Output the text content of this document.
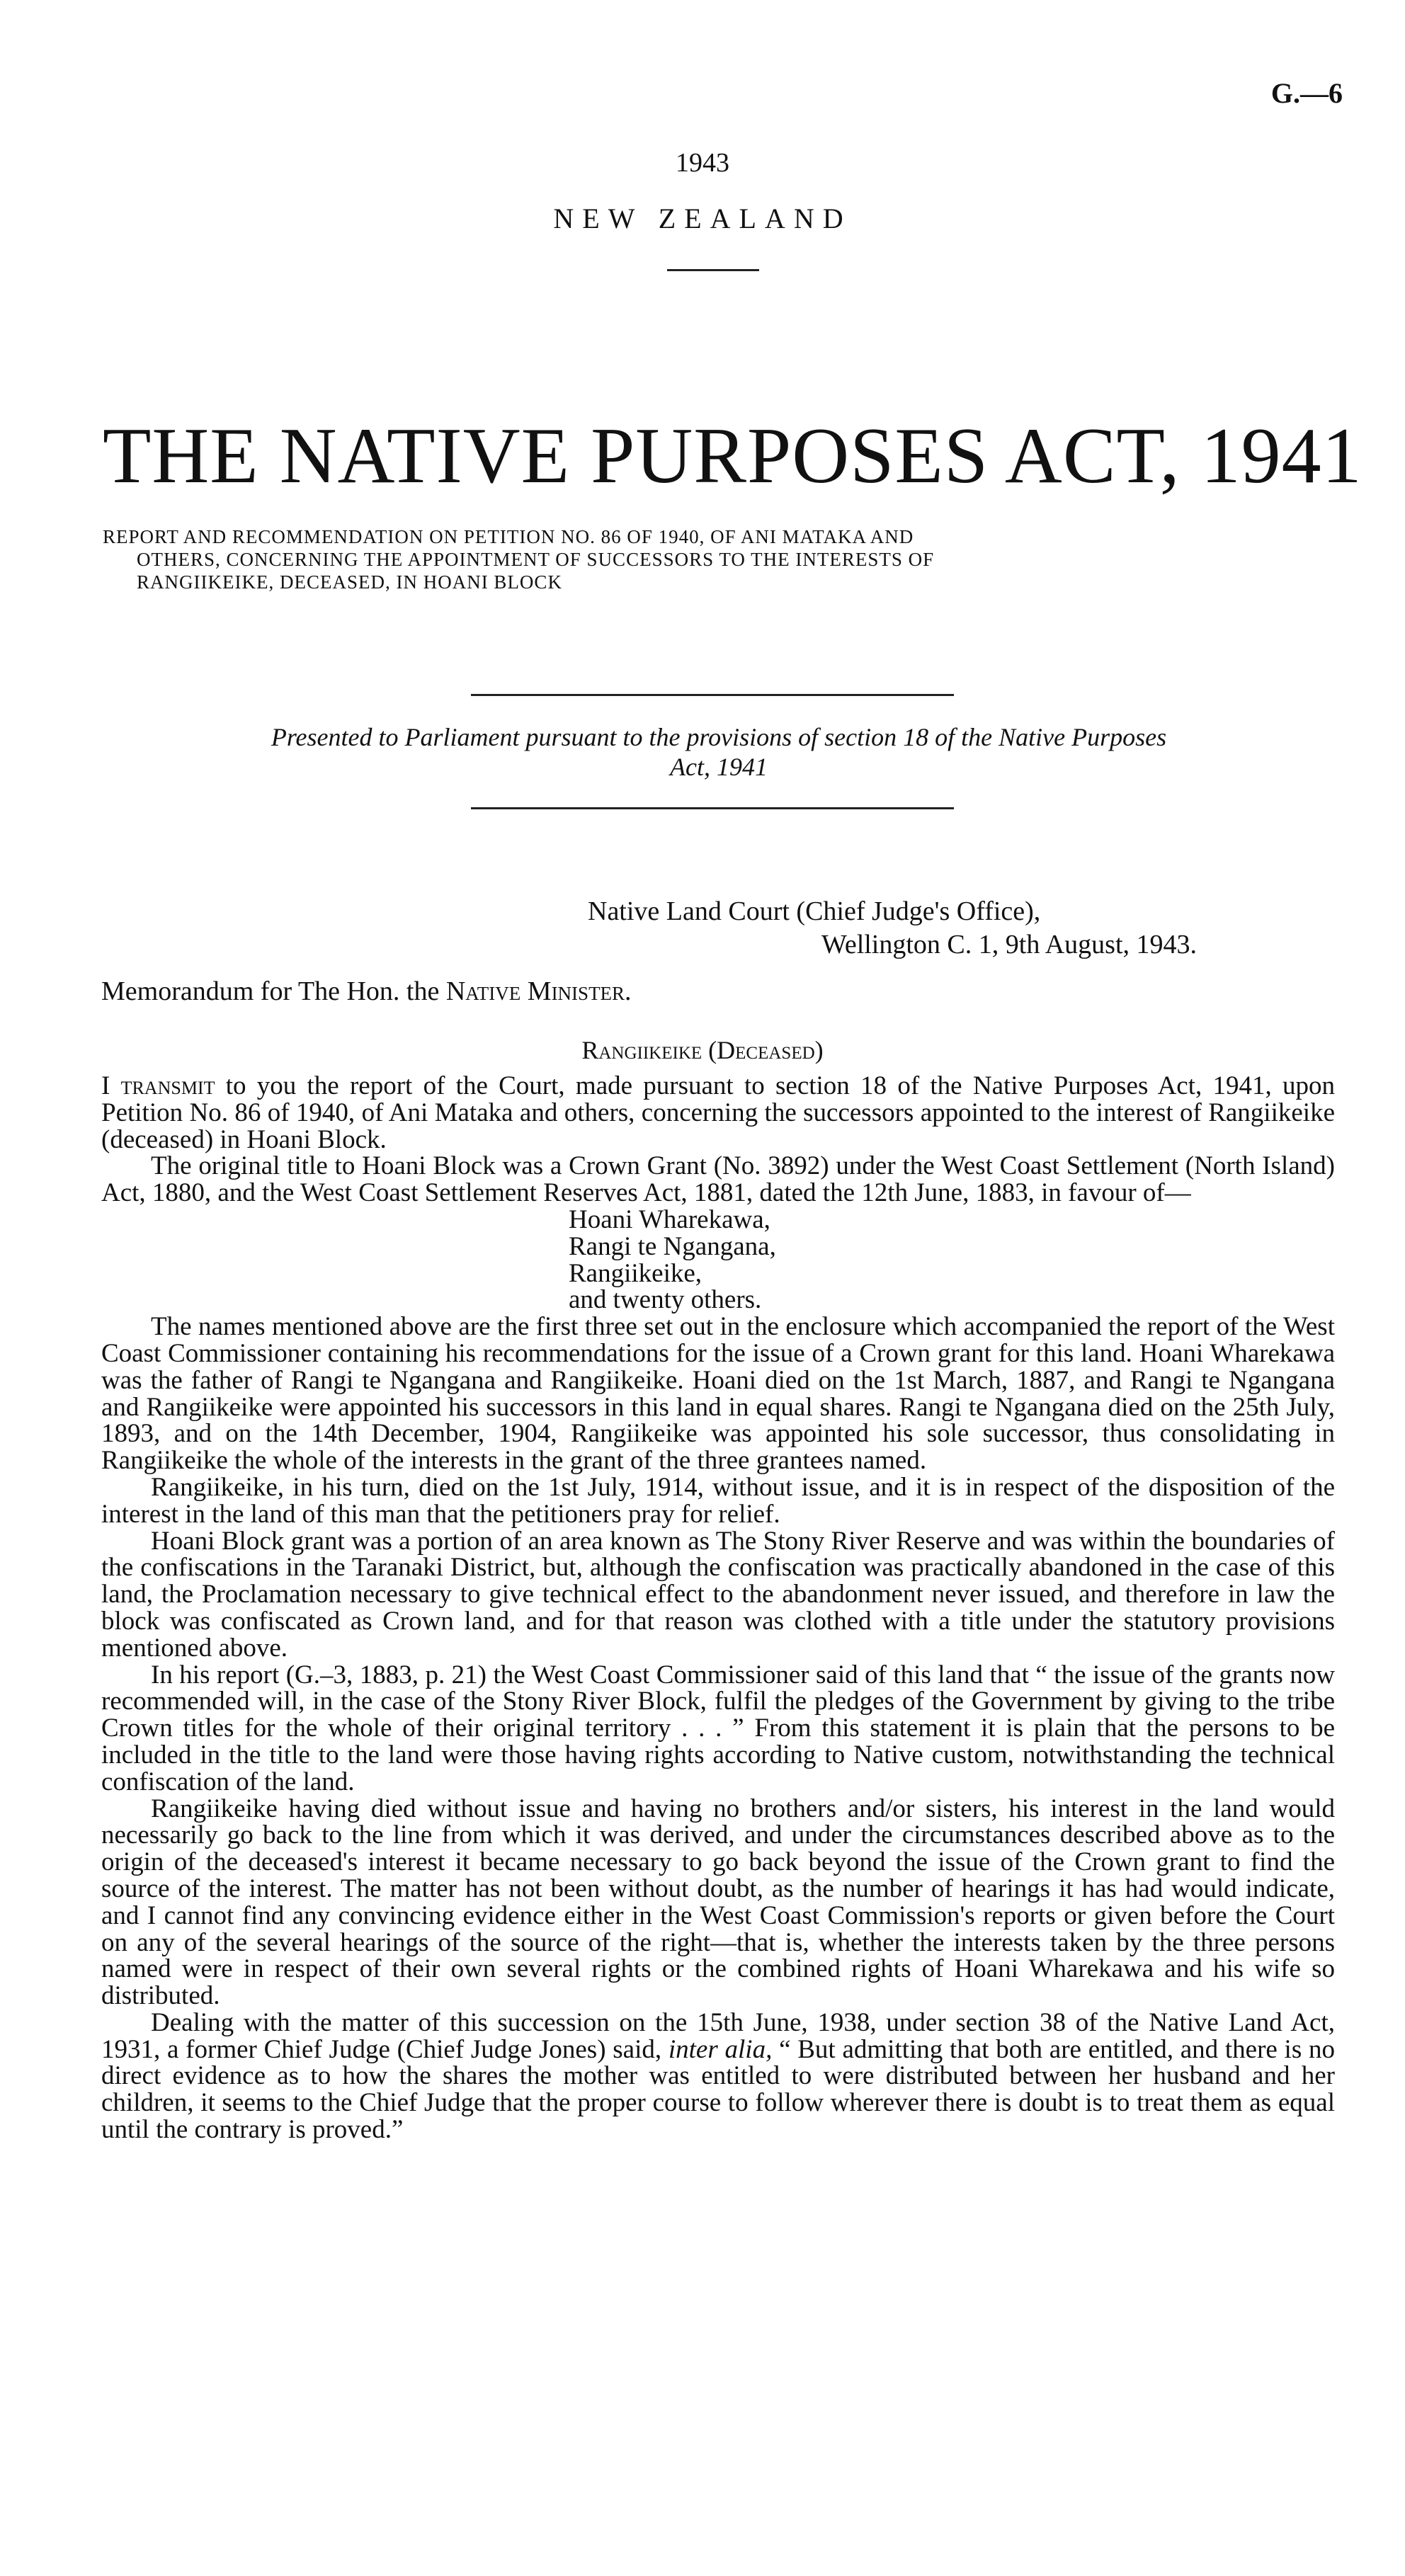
G.—6
1943
NEW ZEALAND
THE NATIVE PURPOSES ACT, 1941
REPORT AND RECOMMENDATION ON PETITION NO. 86 OF 1940, OF ANI MATAKA AND
OTHERS, CONCERNING THE APPOINTMENT OF SUCCESSORS TO THE INTERESTS OF
RANGIIKEIKE, DECEASED, IN HOANI BLOCK
Presented to Parliament pursuant to the provisions of section 18 of the Native Purposes
Act, 1941
Native Land Court (Chief Judge's Office),
Wellington C. 1, 9th August, 1943.
Memorandum for The Hon. the Native Minister.
Rangiikeike (Deceased)

I transmit to you the report of the Court, made pursuant to section 18 of the Native Purposes Act, 1941, upon Petition No. 86 of 1940, of Ani Mataka and others, concerning the successors appointed to the interest of Rangiikeike (deceased) in Hoani Block.

The original title to Hoani Block was a Crown Grant (No. 3892) under the West Coast Settlement (North Island) Act, 1880, and the West Coast Settlement Reserves Act, 1881, dated the 12th June, 1883, in favour of—

Hoani Wharekawa,
Rangi te Ngangana,
Rangiikeike,
and twenty others.

The names mentioned above are the first three set out in the enclosure which accompanied the report of the West Coast Commissioner containing his recommendations for the issue of a Crown grant for this land. Hoani Wharekawa was the father of Rangi te Ngangana and Rangiikeike. Hoani died on the 1st March, 1887, and Rangi te Ngangana and Rangiikeike were appointed his successors in this land in equal shares. Rangi te Ngangana died on the 25th July, 1893, and on the 14th December, 1904, Rangiikeike was appointed his sole successor, thus consolidating in Rangiikeike the whole of the interests in the grant of the three grantees named.

Rangiikeike, in his turn, died on the 1st July, 1914, without issue, and it is in respect of the disposition of the interest in the land of this man that the petitioners pray for relief.

Hoani Block grant was a portion of an area known as The Stony River Reserve and was within the boundaries of the confiscations in the Taranaki District, but, although the confiscation was practically abandoned in the case of this land, the Proclamation necessary to give technical effect to the abandonment never issued, and therefore in law the block was confiscated as Crown land, and for that reason was clothed with a title under the statutory provisions mentioned above.

In his report (G.–3, 1883, p. 21) the West Coast Commissioner said of this land that “ the issue of the grants now recommended will, in the case of the Stony River Block, fulfil the pledges of the Government by giving to the tribe Crown titles for the whole of their original territory . . . ” From this statement it is plain that the persons to be included in the title to the land were those having rights according to Native custom, notwithstanding the technical confiscation of the land.

Rangiikeike having died without issue and having no brothers and/or sisters, his interest in the land would necessarily go back to the line from which it was derived, and under the circumstances described above as to the origin of the deceased's interest it became necessary to go back beyond the issue of the Crown grant to find the source of the interest. The matter has not been without doubt, as the number of hearings it has had would indicate, and I cannot find any convincing evidence either in the West Coast Commission's reports or given before the Court on any of the several hearings of the source of the right—that is, whether the interests taken by the three persons named were in respect of their own several rights or the combined rights of Hoani Wharekawa and his wife so distributed.

Dealing with the matter of this succession on the 15th June, 1938, under section 38 of the Native Land Act, 1931, a former Chief Judge (Chief Judge Jones) said, inter alia, “ But admitting that both are entitled, and there is no direct evidence as to how the shares the mother was entitled to were distributed between her husband and her children, it seems to the Chief Judge that the proper course to follow wherever there is doubt is to treat them as equal until the contrary is proved.”
